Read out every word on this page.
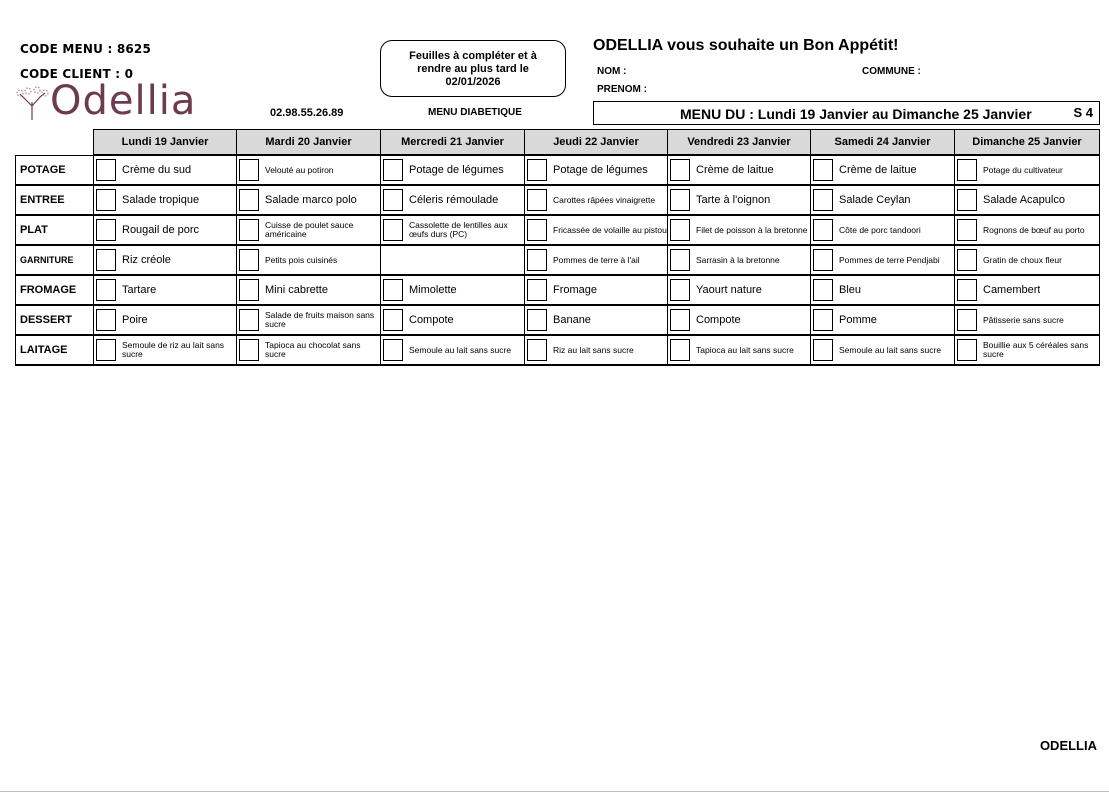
CODE MENU : 8625
CODE CLIENT : 0
Odellia	02.98.55.26.89
Feuilles à compléter et à
rendre au plus tard le
02/01/2026
MENU DIABETIQUE
ODELLIA vous souhaite un Bon Appétit!
NOM :
PRENOM :
COMMUNE :
MENU DU : Lundi 19 Janvier au Dimanche 25 Janvier	S 4
	Lundi 19 Janvier	Mardi 20 Janvier	Mercredi 21 Janvier	Jeudi 22 Janvier	Vendredi 23 Janvier	Samedi 24 Janvier	Dimanche 25 Janvier
POTAGE	Crème du sud	Velouté au potiron	Potage de légumes	Potage de légumes	Crème de laitue	Crème de laitue	Potage du cultivateur

ENTREE	Salade tropique	Salade marco polo	Céleris rémoulade	Carottes râpées vinaigrette	Tarte à l'oignon	Salade Ceylan	Salade Acapulco

PLAT	Rougail de porc	Cuisse de poulet sauce américaine	Cassolette de lentilles aux œufs durs (PC)	Fricassée de volaille au pistou	Filet de poisson à la bretonne	Côte de porc tandoori	Rognons de bœuf au porto

GARNITURE	Riz créole	Petits pois cuisinés		Pommes de terre à l'ail	Sarrasin à la bretonne	Pommes de terre Pendjabi	Gratin de choux fleur

FROMAGE	Tartare	Mini cabrette	Mimolette	Fromage	Yaourt nature	Bleu	Camembert

DESSERT	Poire	Salade de fruits maison sans sucre	Compote	Banane	Compote	Pomme	Pâtisserie sans sucre

LAITAGE	Semoule de riz au lait sans sucre	Tapioca au chocolat sans sucre	Semoule au lait sans sucre	Riz au lait sans sucre	Tapioca au lait sans sucre	Semoule au lait sans sucre	Bouillie aux 5 céréales sans sucre
ODELLIA
